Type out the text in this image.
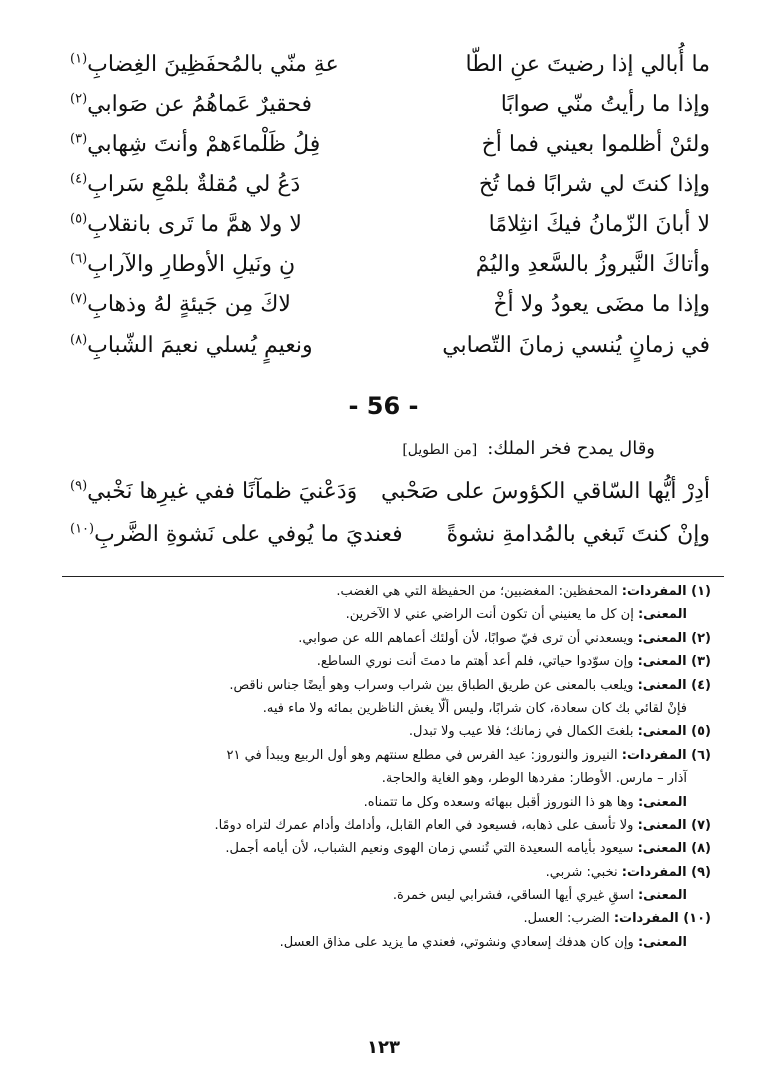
ما أُبالي إذا رضيتَ عنِ الطّا
عةِ منّي بالمُحفَظِينَ الغِضابِ$^{(١)}$
وإذا ما رأيتُ منّي صوابًا
فحقيرٌ عَماهُمُ عن صَوابي$^{(٢)}$
ولئنْ أظلموا بعيني فما أخ
فِلُ ظَلْماءَهمْ وأنتَ شِهابي$^{(٣)}$
وإذا كنتَ لي شرابًا فما تُخ
دَعُ لي مُقلةٌ بلمْعِ سَرابِ$^{(٤)}$
لا أبانَ الزّمانُ فيكَ انثِلامًا
لا ولا همَّ ما تَرى بانقلابِ$^{(٥)}$
وأتاكَ النَّيروزُ بالسَّعدِ واليُمْ
نِ ونَيلِ الأوطارِ والآرابِ$^{(٦)}$
وإذا ما مضَى يعودُ ولا أخْ
لاكَ مِن جَيئةٍ لهُ وذهابِ$^{(٧)}$
في زمانٍ يُنسي زمانَ التّصابي
ونعيمٍ يُسلي نعيمَ الشّبابِ$^{(٨)}$
- 56 -
وقال يمدح فخر الملك:[من الطويل]
أدِرْ أيُّها السّاقي الكؤوسَ على صَحْبي
وَدَعْنيَ ظمآنًا ففي غيرِها نَخْبي$^{(٩)}$
وإنْ كنتَ تَبغي بالمُدامةِ نشوةً
فعنديَ ما يُوفي على نَشوةِ الضَّربِ$^{(١٠)}$
(١) المفردات: المحفظين: المغضبين؛ من الحفيظة التي هي الغضب.
المعنى: إن كل ما يعنيني أن تكون أنت الراضي عني لا الآخرين.
(٢) المعنى: ويسعدني أن ترى فيّ صوابًا، لأن أولئك أعماهم الله عن صوابي.
(٣) المعنى: وإن سوّدوا حياتي، فلم أعد أهتم ما دمتَ أنت نوري الساطع.
(٤) المعنى: ويلعب بالمعنى عن طريق الطباق بين شراب وسراب وهو أيضًا جناس ناقص.
فإنْ لقائي بك كان سعادة، كان شرابًا، وليس ألّا يغش الناظرين بمائه ولا ماء فيه.
(٥) المعنى: بلغتَ الكمال في زمانك؛ فلا عيب ولا تبدل.
(٦) المفردات: النيروز والنوروز: عيد الفرس في مطلع سنتهم وهو أول الربيع ويبدأ في ٢١
آذار – مارس. الأوطار: مفردها الوطر، وهو الغاية والحاجة.
المعنى: وها هو ذا النوروز أقبل ببهائه وسعده وكل ما تتمناه.
(٧) المعنى: ولا تأسف على ذهابه، فسيعود في العام القابل، وأدامك وأدام عمرك لتراه دومًا.
(٨) المعنى: سيعود بأيامه السعيدة التي تُنسي زمان الهوى ونعيم الشباب، لأن أيامه أجمل.
(٩) المفردات: نخبي: شربي.
المعنى: اسقِ غيري أيها الساقي، فشرابي ليس خمرة.
(١٠) المفردات: الضرب: العسل.
المعنى: وإن كان هدفك إسعادي ونشوتي، فعندي ما يزيد على مذاق العسل.
١٢٣
